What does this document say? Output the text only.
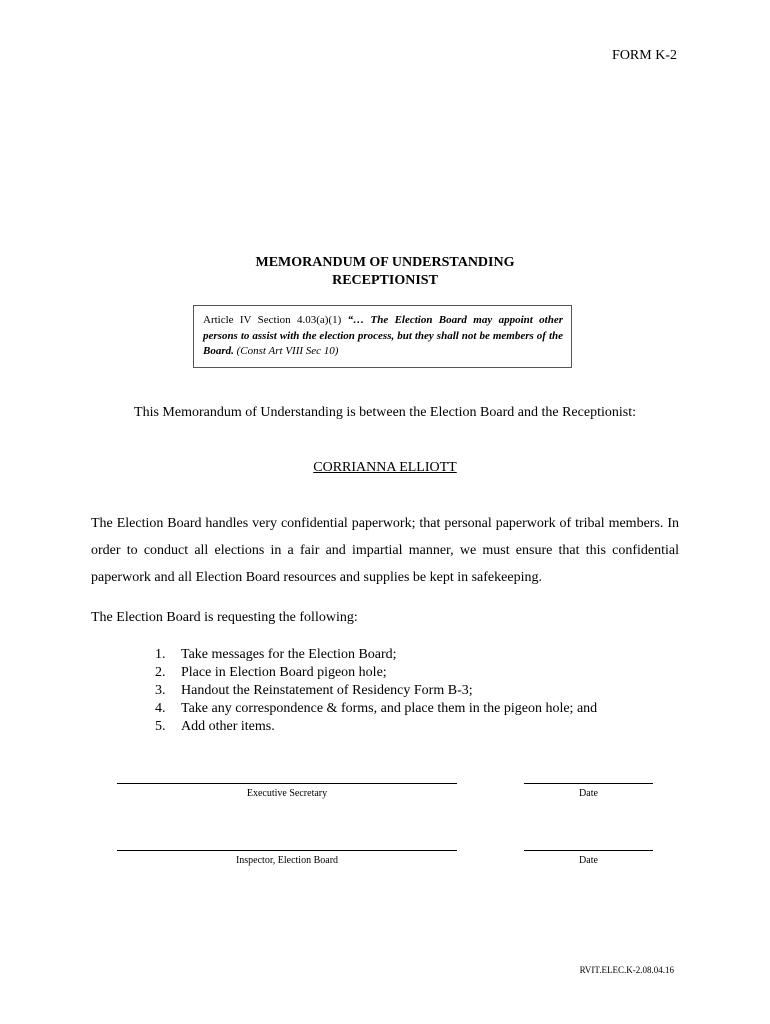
FORM K-2
MEMORANDUM OF UNDERSTANDING
RECEPTIONIST
Article IV Section 4.03(a)(1) “… The Election Board may appoint other persons to assist with the election process, but they shall not be members of the Board. (Const Art VIII Sec 10)
This Memorandum of Understanding is between the Election Board and the Receptionist:
CORRIANNA ELLIOTT
The Election Board handles very confidential paperwork; that personal paperwork of tribal members. In order to conduct all elections in a fair and impartial manner, we must ensure that this confidential paperwork and all Election Board resources and supplies be kept in safekeeping.
The Election Board is requesting the following:
1.	Take messages for the Election Board;
2.	Place in Election Board pigeon hole;
3.	Handout the Reinstatement of Residency Form B-3;
4.	Take any correspondence & forms, and place them in the pigeon hole; and
5.	Add other items.
Executive Secretary	Date
Inspector, Election Board	Date
RVIT.ELEC.K-2.08.04.16
